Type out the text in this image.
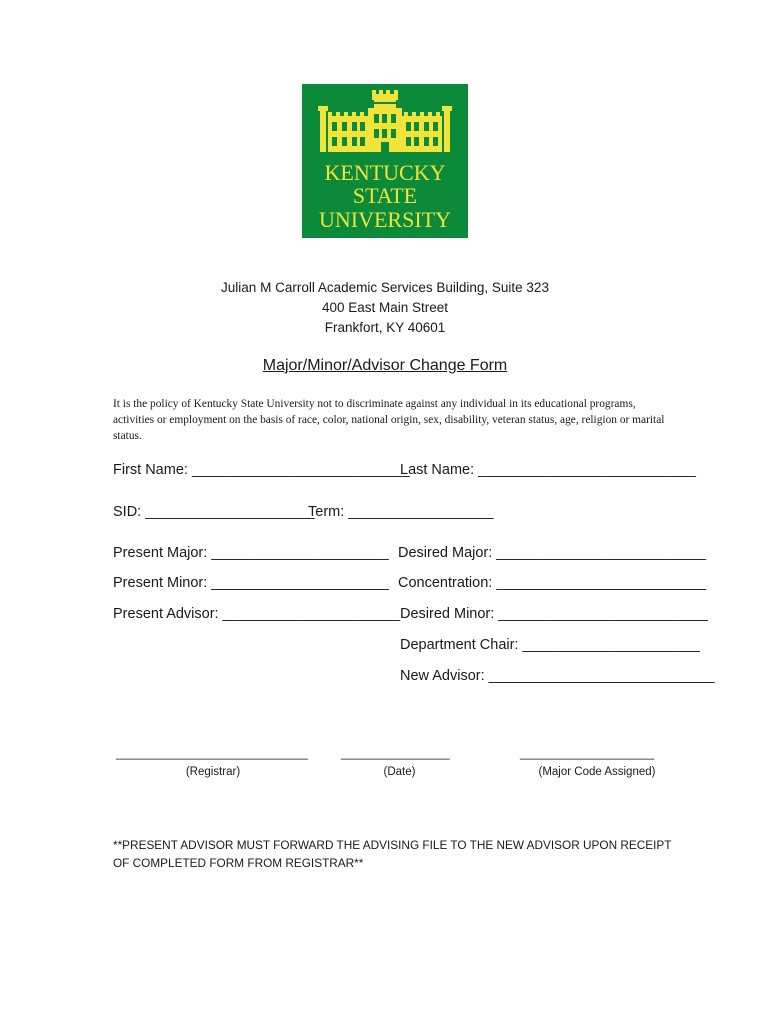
KENTUCKY
STATE
UNIVERSITY
Julian M Carroll Academic Services Building, Suite 323
400 East Main Street
Frankfort, KY 40601
Major/Minor/Advisor Change Form
It is the policy of Kentucky State University not to discriminate against any individual in its educational programs, activities or employment on the basis of race, color, national origin, sex, disability, veteran status, age, religion or marital status.
First Name: ___________________________
Last Name: ___________________________
SID: _____________________
Term: __________________
Present Major: ______________________ Desired Major: __________________________
Present Minor: ______________________ Concentration: __________________________
Present Advisor: ______________________ Desired Minor: __________________________
Department Chair: ______________________
New Advisor: ____________________________
______________________________
(Registrar)
_________________
(Date)
_____________________
(Major Code Assigned)
**PRESENT ADVISOR MUST FORWARD THE ADVISING FILE TO THE NEW ADVISOR UPON RECEIPT
OF COMPLETED FORM FROM REGISTRAR**
